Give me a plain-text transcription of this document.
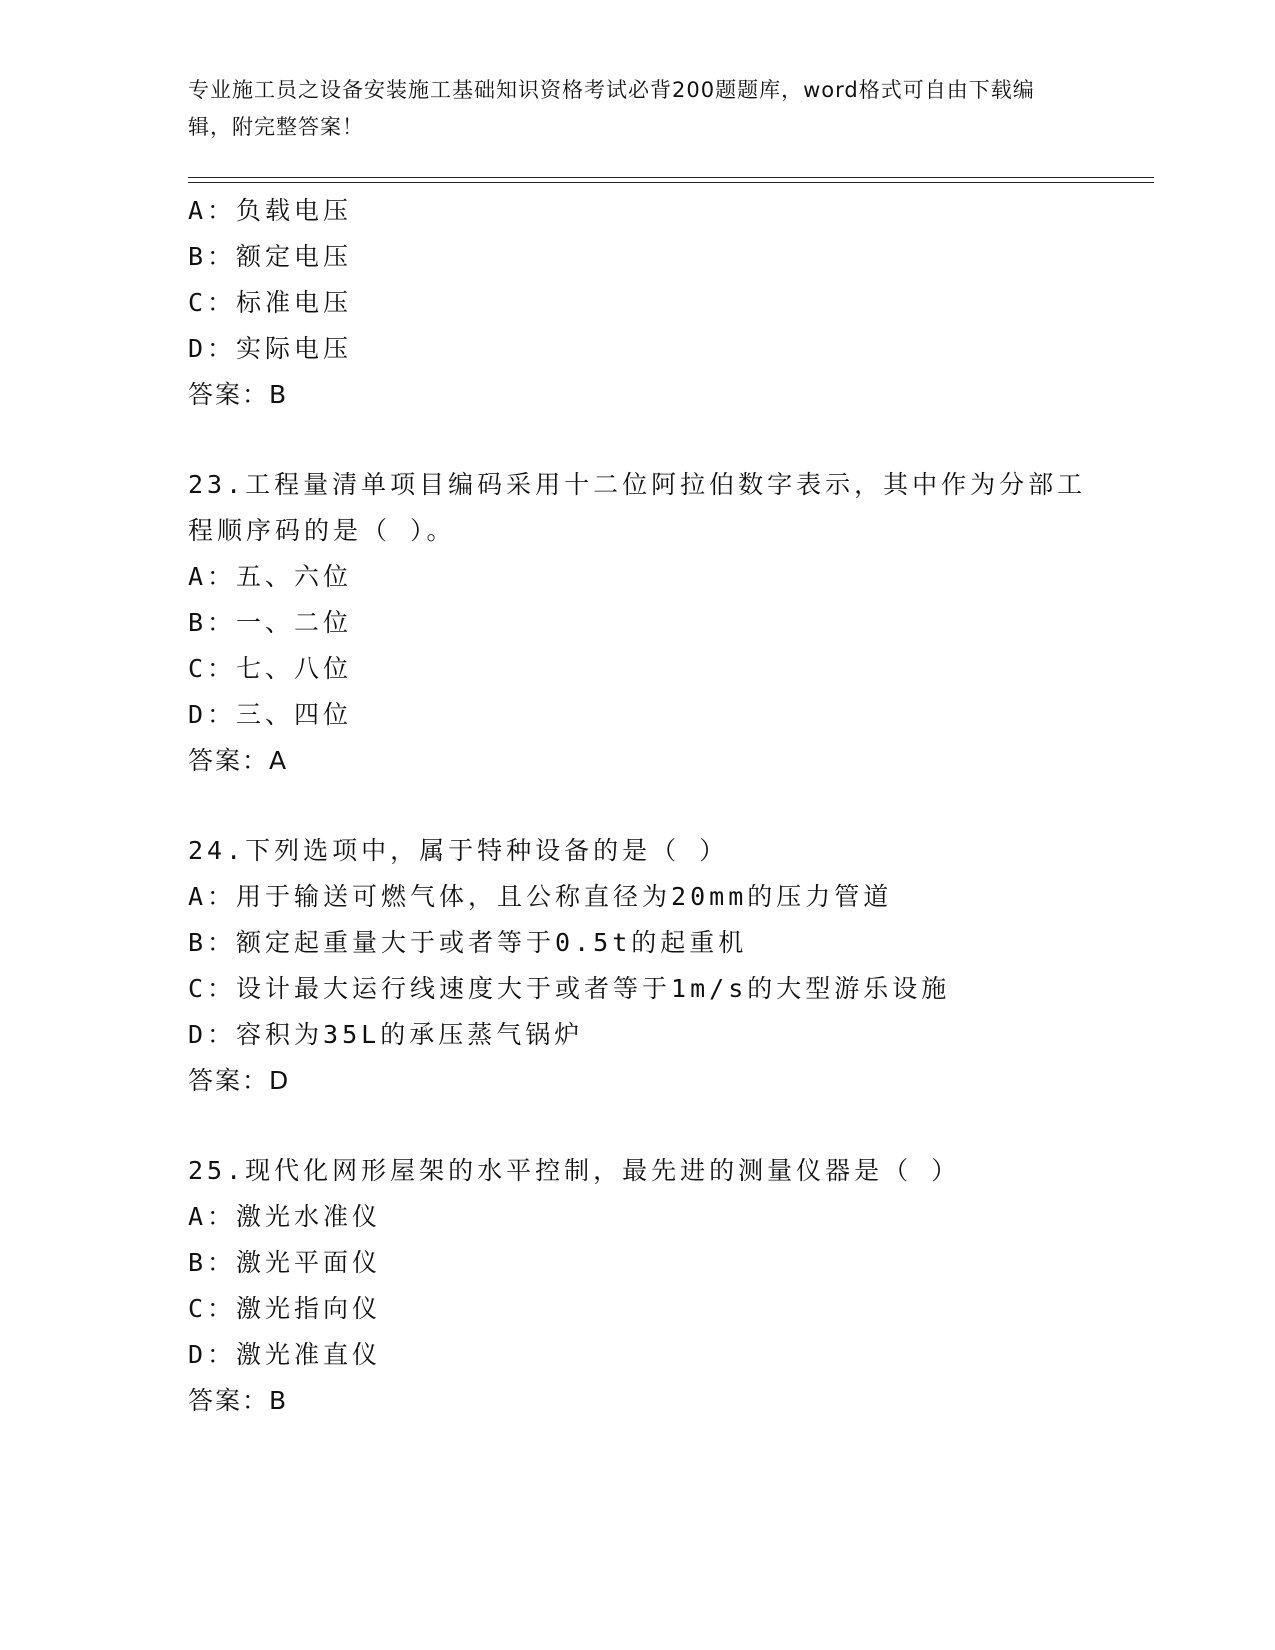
专业施工员之设备安装施工基础知识资格考试必背200题题库，word格式可自由下载编辑，附完整答案！
A：负载电压
B：额定电压
C：标准电压
D：实际电压
答案：B
23.工程量清单项目编码采用十二位阿拉伯数字表示，其中作为分部工程顺序码的是（ ）。
A：五、六位
B：一、二位
C：七、八位
D：三、四位
答案：A
24.下列选项中，属于特种设备的是（ ）
A：用于输送可燃气体，且公称直径为20mm的压力管道
B：额定起重量大于或者等于0.5t的起重机
C：设计最大运行线速度大于或者等于1m/s的大型游乐设施
D：容积为35L的承压蒸气锅炉
答案：D
25.现代化网形屋架的水平控制，最先进的测量仪器是（ ）
A：激光水准仪
B：激光平面仪
C：激光指向仪
D：激光准直仪
答案：B
